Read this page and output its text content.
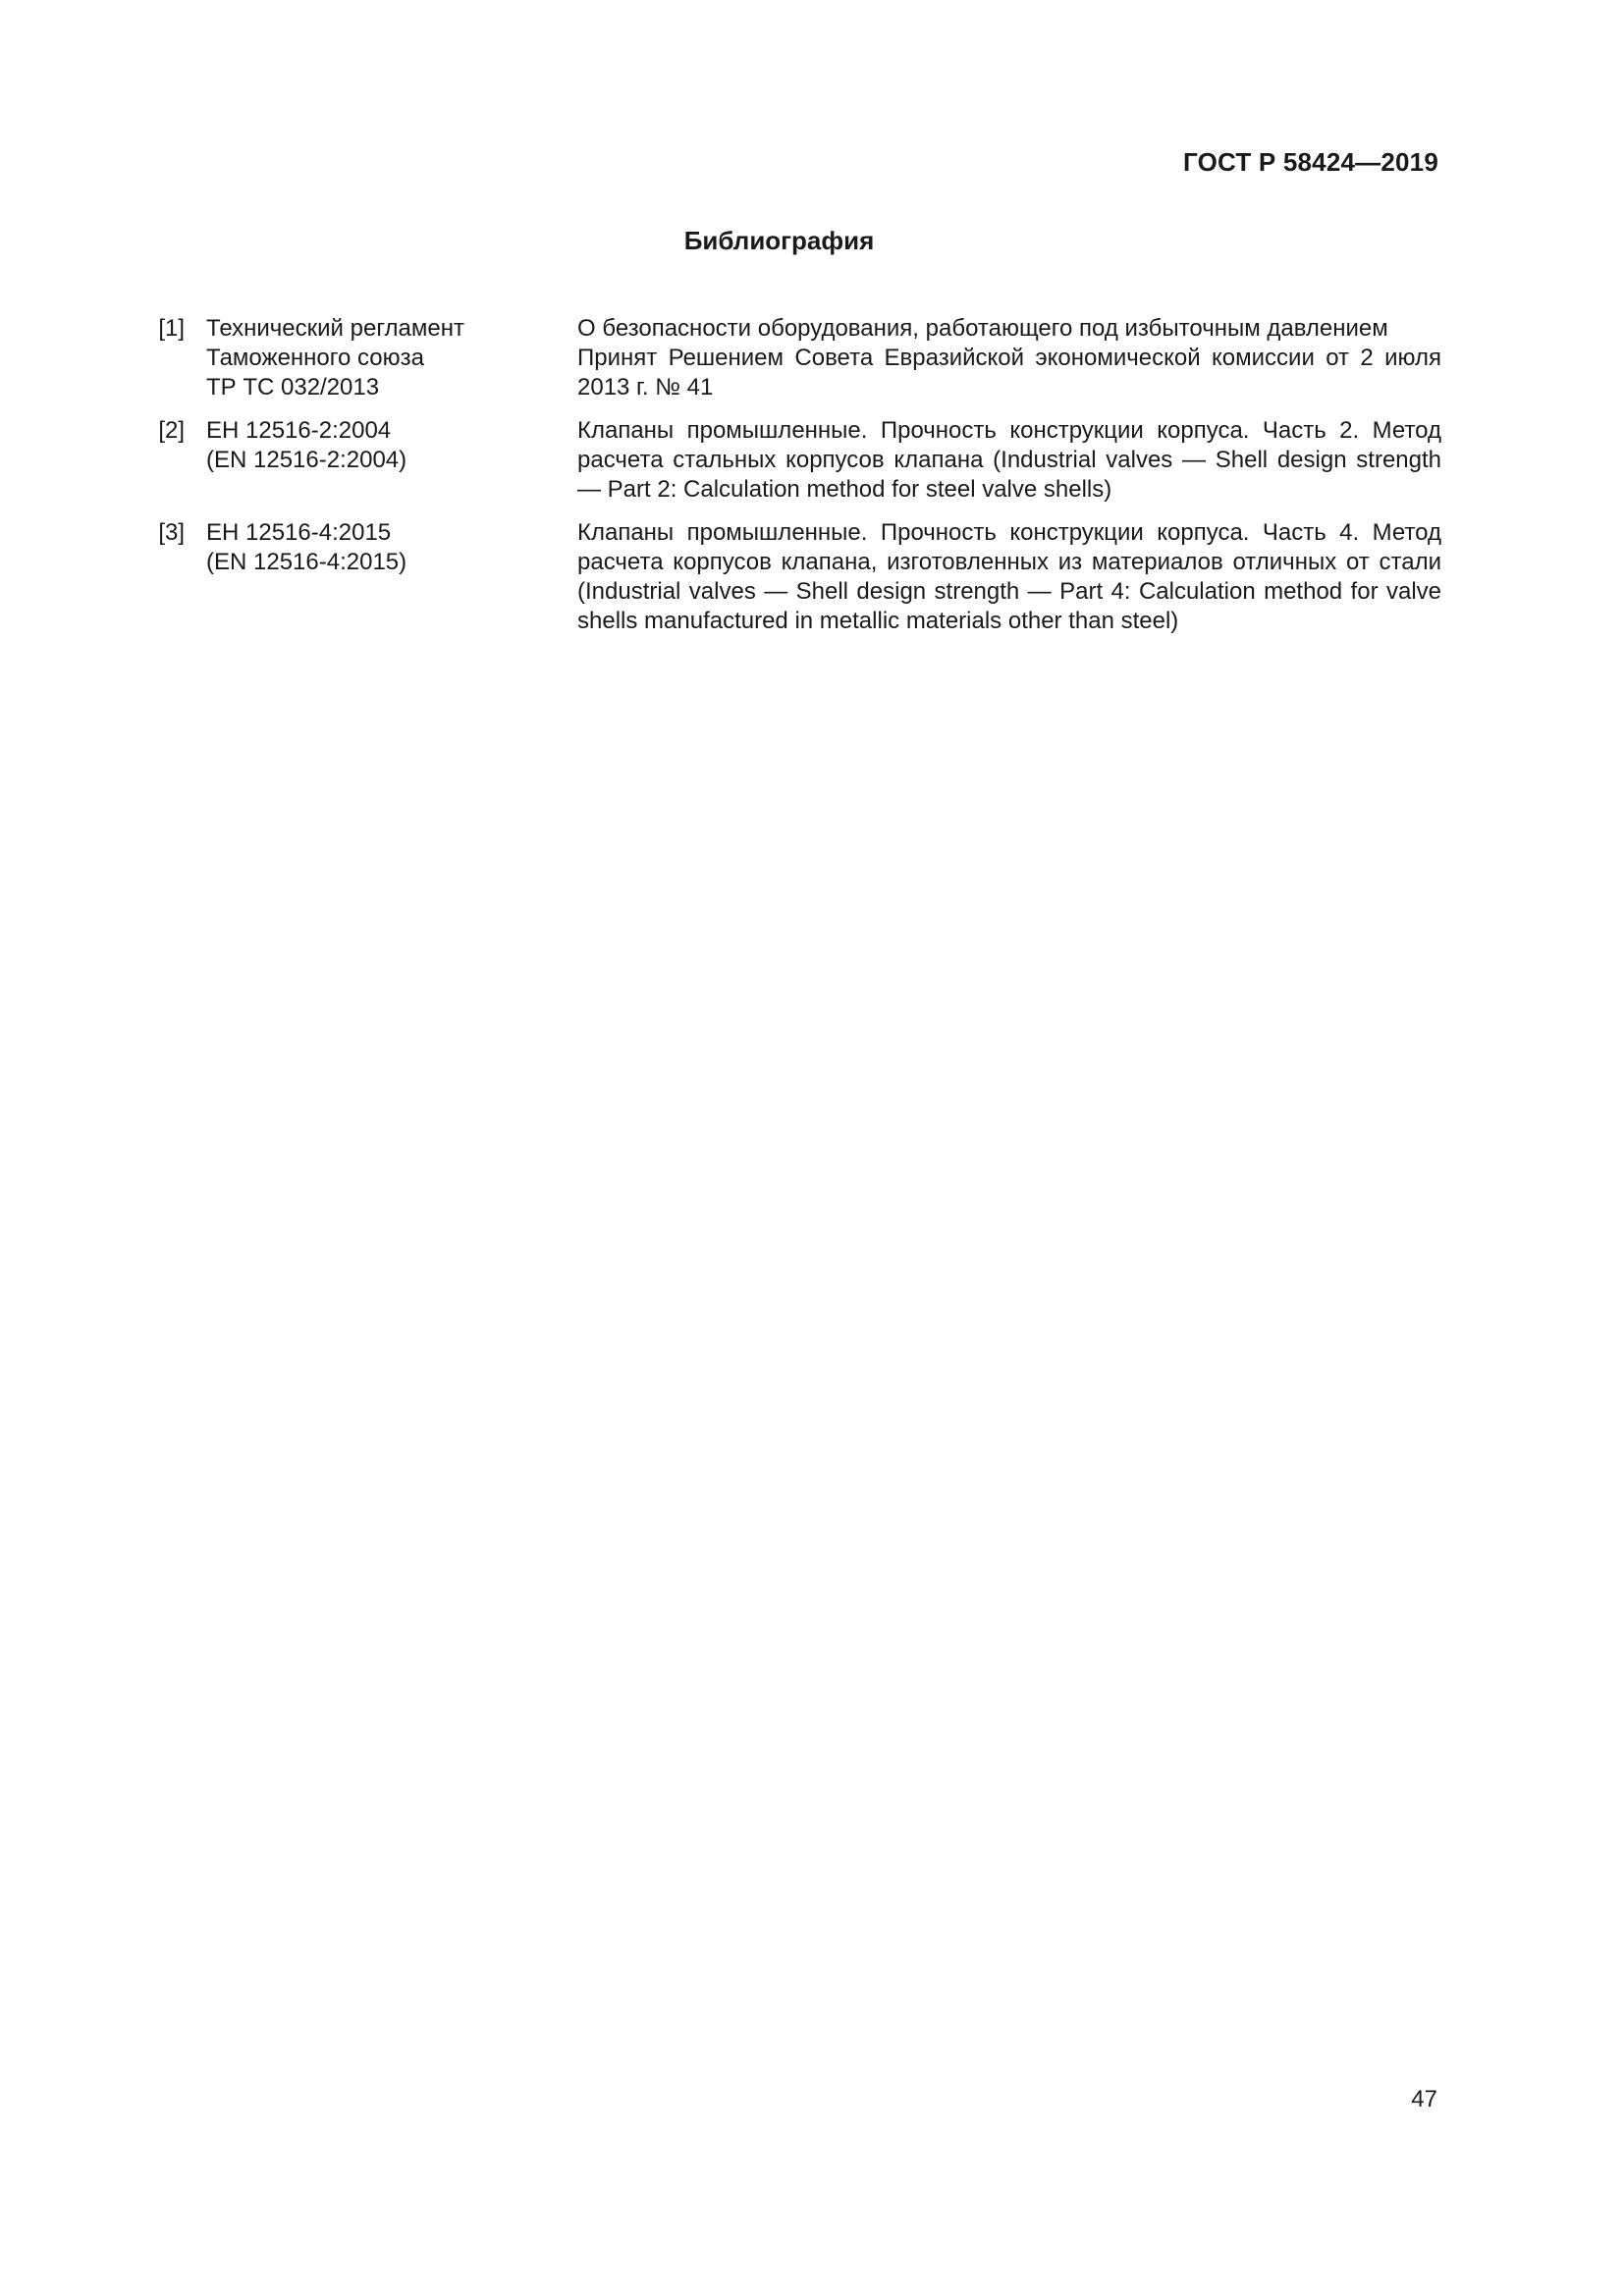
ГОСТ Р 58424—2019
Библиография
[1] Технический регламент
Таможенного союза
ТР ТС 032/2013
О безопасности оборудования, работающего под избыточным давлением
Принят Решением Совета Евразийской экономической комиссии от 2 июля 2013 г. № 41
[2] ЕН 12516-2:2004
(EN 12516-2:2004)
Клапаны промышленные. Прочность конструкции корпуса. Часть 2. Метод расчета стальных корпусов клапана (Industrial valves — Shell design strength — Part 2: Calculation method for steel valve shells)
[3] ЕН 12516-4:2015
(EN 12516-4:2015)
Клапаны промышленные. Прочность конструкции корпуса. Часть 4. Метод расчета корпусов клапана, изготовленных из материалов отличных от стали (Industrial valves — Shell design strength — Part 4: Calculation method for valve shells manufactured in metallic materials other than steel)
47
